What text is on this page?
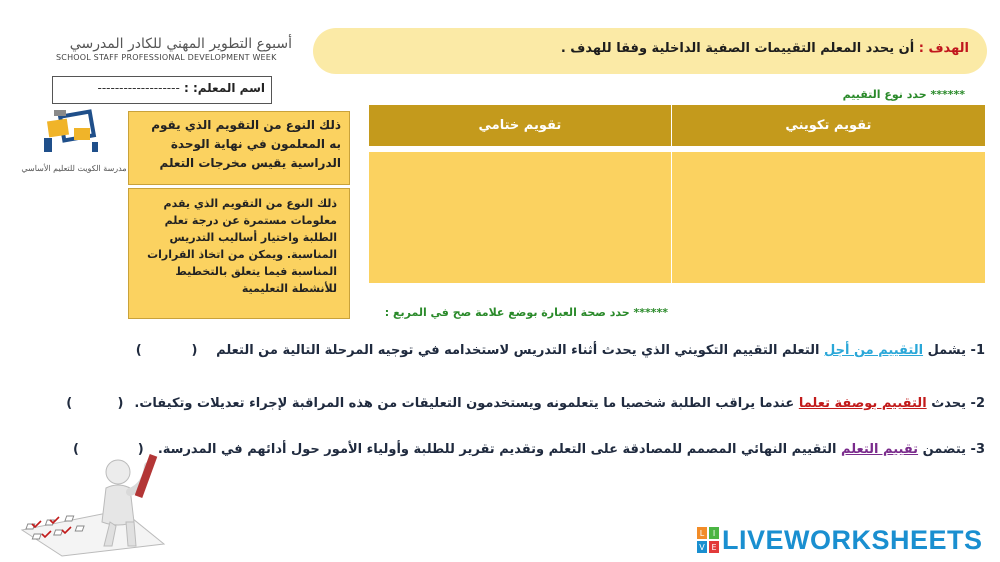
أسبوع التطوير المهني للكادر المدرسي
SCHOOL STAFF PROFESSIONAL DEVELOPMENT WEEK
الهدف : أن يحدد المعلم التقييمات الصفية الداخلية وفقا للهدف .
اسم المعلم: : -------------------
مدرسة الكويت للتعليم الأساسي
ذلك النوع من التقويم الذي يقوم به المعلمون في نهاية الوحدة الدراسية يقيس مخرجات التعلم
ذلك النوع من التقويم الذي يقدم معلومات مستمرة عن درجة تعلم الطلبة واختيار أساليب التدريس المناسبة. ويمكن من اتخاذ القرارات المناسبة فيما يتعلق بالتخطيط للأنشطة التعليمية
****** حدد نوع التقييم
****** حدد صحة العبارة بوضع علامة صح في المربع :
تقويم تكويني	تقويم ختامي

1- يشمل التقييم من أجل التعلم التقييم التكويني الذي يحدث أثناء التدريس لاستخدامه في توجيه المرحلة التالية من التعلم (           )
2- يحدث التقييم بوصفة تعلما عندما يراقب الطلبة شخصيا ما يتعلمونه ويستخدمون التعليقات من هذه المراقبة لإجراء تعديلات وتكيفات. (          )
3- يتضمن تقييم التعلم التقييم النهائي المصمم للمصادقة على التعلم وتقديم تقرير للطلبة وأولياء الأمور حول أدائهم في المدرسة. (             )
L I
V E LIVEWORKSHEETS
